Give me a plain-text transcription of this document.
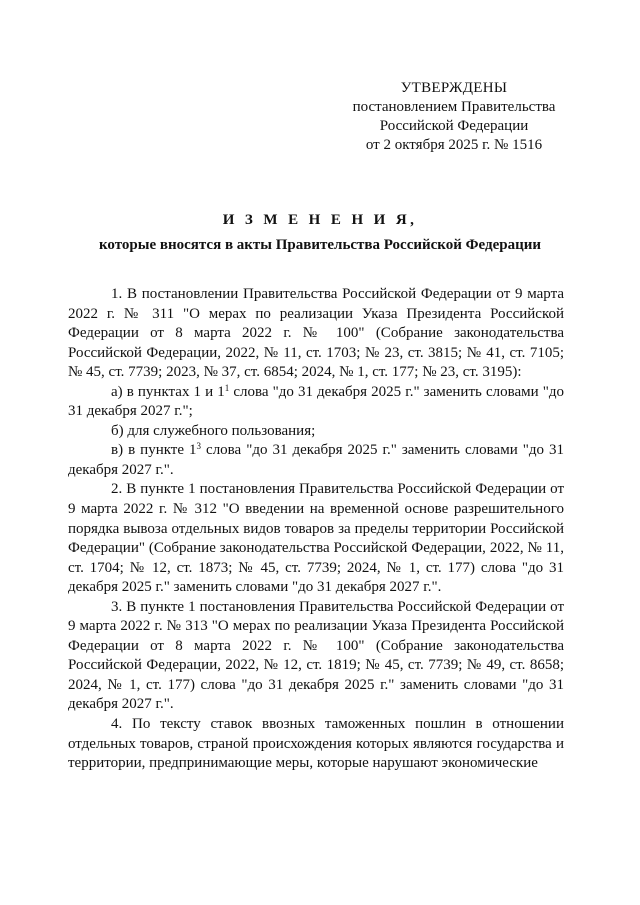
УТВЕРЖДЕНЫ
постановлением Правительства
Российской Федерации
от 2 октября 2025 г. № 1516
И З М Е Н Е Н И Я,
которые вносятся в акты Правительства Российской Федерации

1. В постановлении Правительства Российской Федерации от 9 марта 2022 г. № 311 "О мерах по реализации Указа Президента Российской Федерации от 8 марта 2022 г. № 100" (Собрание законодательства Российской Федерации, 2022, № 11, ст. 1703; № 23, ст. 3815; № 41, ст. 7105; № 45, ст. 7739; 2023, № 37, ст. 6854; 2024, № 1, ст. 177; № 23, ст. 3195):

а) в пунктах 1 и $1^1$ слова "до 31 декабря 2025 г." заменить словами "до 31 декабря 2027 г.";

б) для служебного пользования;

в) в пункте $1^3$ слова "до 31 декабря 2025 г." заменить словами "до 31 декабря 2027 г.".

2. В пункте 1 постановления Правительства Российской Федерации от 9 марта 2022 г. № 312 "О введении на временной основе разрешительного порядка вывоза отдельных видов товаров за пределы территории Российской Федерации" (Собрание законодательства Российской Федерации, 2022, № 11, ст. 1704; № 12, ст. 1873; № 45, ст. 7739; 2024, № 1, ст. 177) слова "до 31 декабря 2025 г." заменить словами "до 31 декабря 2027 г.".

3. В пункте 1 постановления Правительства Российской Федерации от 9 марта 2022 г. № 313 "О мерах по реализации Указа Президента Российской Федерации от 8 марта 2022 г. № 100" (Собрание законодательства Российской Федерации, 2022, № 12, ст. 1819; № 45, ст. 7739; № 49, ст. 8658; 2024, № 1, ст. 177) слова "до 31 декабря 2025 г." заменить словами "до 31 декабря 2027 г.".

4. По тексту ставок ввозных таможенных пошлин в отношении отдельных товаров, страной происхождения которых являются государства и территории, предпринимающие меры, которые нарушают экономические
